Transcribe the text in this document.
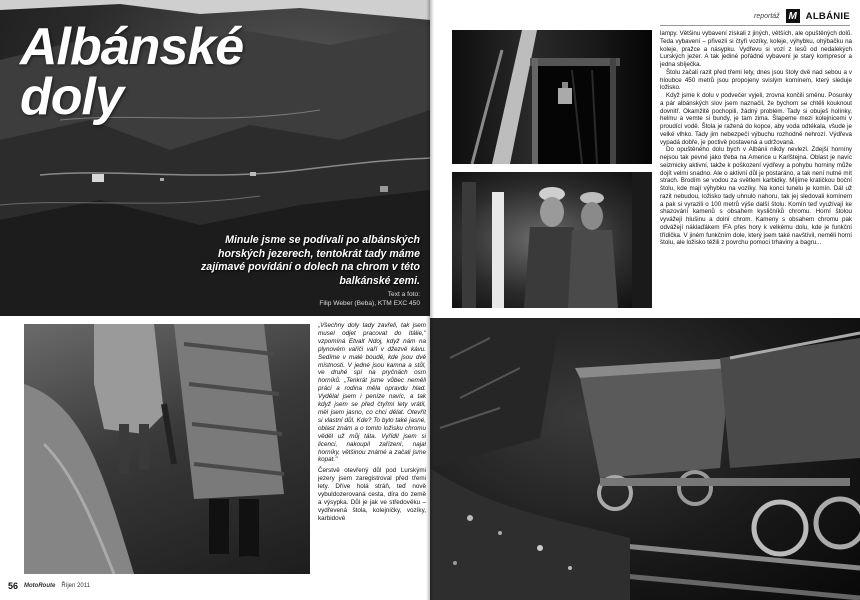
Albánské
doly
Minule jsme se podívali po albánských horských jezerech, tentokrát tady máme zajímavé povídání o dolech na chrom v této balkánské zemi.
Text a foto:
Filip Weber (Beba), KTM EXC 450

„Všechny doly tady zavřeli, tak jsem musel odjet pracovat do Itálie," vzpomíná Etvalt Ndoj, když nám na plynovém vařiči vaří v džezvě kávu. Sedíme v malé boudě, kde jsou dvě místnosti. V jedné jsou kamna a stůl, ve druhé spí na pryčnách osm horníků. „Tenkrát jsme vůbec neměli práci a rodina měla opravdu hlad. Vydělal jsem i peníze navíc, a tak když jsem se před čtyřmi lety vrátil, měl jsem jasno, co chci dělat. Otevřít si vlastní důl. Kde? To bylo také jasné, oblast znám a o tomto ložisku chromu věděl už můj táta. Vyřídil jsem si licenci, nakoupil zařízení, najal horníky, většinou známé a začali jsme kopat."

Čerstvě otevřený důl pod Lurskými jezery jsem zaregistroval před třemi lety. Dříve holá stráň, teď nově vybuldozerovaná cesta, díra do země a výsypka. Důl je jak ve středověku – vydřevená štola, kolejničky, vozíky, karbidové

56 MotoRoute Říjen 2011
reportáž M ALBÁNIE

lampy. Většinu vybavení získali z jiných, větších, ale opuštěných dolů. Teda vybavení – přivezli si čtyři vozíky, koleje, výhybku, ohýbačku na koleje, pražce a násypku. Vydřevu si vozí z lesů od nedalekých Lurských jezer. A tak jediné pořádné vybavení je starý kompresor a jedna sbíječka.

Štolu začali razit před třemi lety, dnes jsou štoly dvě nad sebou a v hloubce 450 metrů jsou propojeny svislým komínem, který sleduje ložisko.

Když jsme k dolu v podvečer vyjeli, zrovna končili směnu. Posunky a pár albánských slov jsem naznačil, že bychom se chtěli kouknout dovnitř. Okamžitě pochopili, žádný problém. Tady si obuješ holínky, helmu a vemte si bundy, je tam zima. Šlapeme mezi kolejnicemi v proudící vodě. Štola je ražená do kopce, aby voda odtékala, všude je velké vlhko. Tady jim nebezpečí výbuchu rozhodně nehrozí. Výdřeva vypadá dobře, je poctivě postavená a udržovaná.

Do opuštěného dolu bych v Albánii nikdy nevlezl. Zdejší horníny nejsou tak pevné jako třeba na Americe u Karlštejna. Oblast je navíc seizmicky aktivní, takže k poškození výdřevy a pohybu horniny může dojít velmi snadno. Ale o aktivní důl je postaráno, a tak není nutné mít strach. Brodím se vodou za světlem karbidky. Míjíme kratičkou boční štolu, kde mají výhybku na vozíky. Na konci tunelu je komín. Dál už razit nebudou, ložisko tady uhnulo nahoru, tak jej sledovali komínem a pak si vyrazili o 100 metrů výše další štolu. Komín teď využívají ke shazování kamenů s obsahem kysličníků chromu. Horní štolou vyvážejí hlušinu a dolní chrom. Kameny s obsahem chromu pak odvážejí náklaďákem IFA přes hory k velkému dolu, kde je funkční třídička. V jiném funkčním dole, který jsem také navštívil, neměli horní štolu, ale ložisko těžili z povrchu pomocí trhaviny a bagru...
